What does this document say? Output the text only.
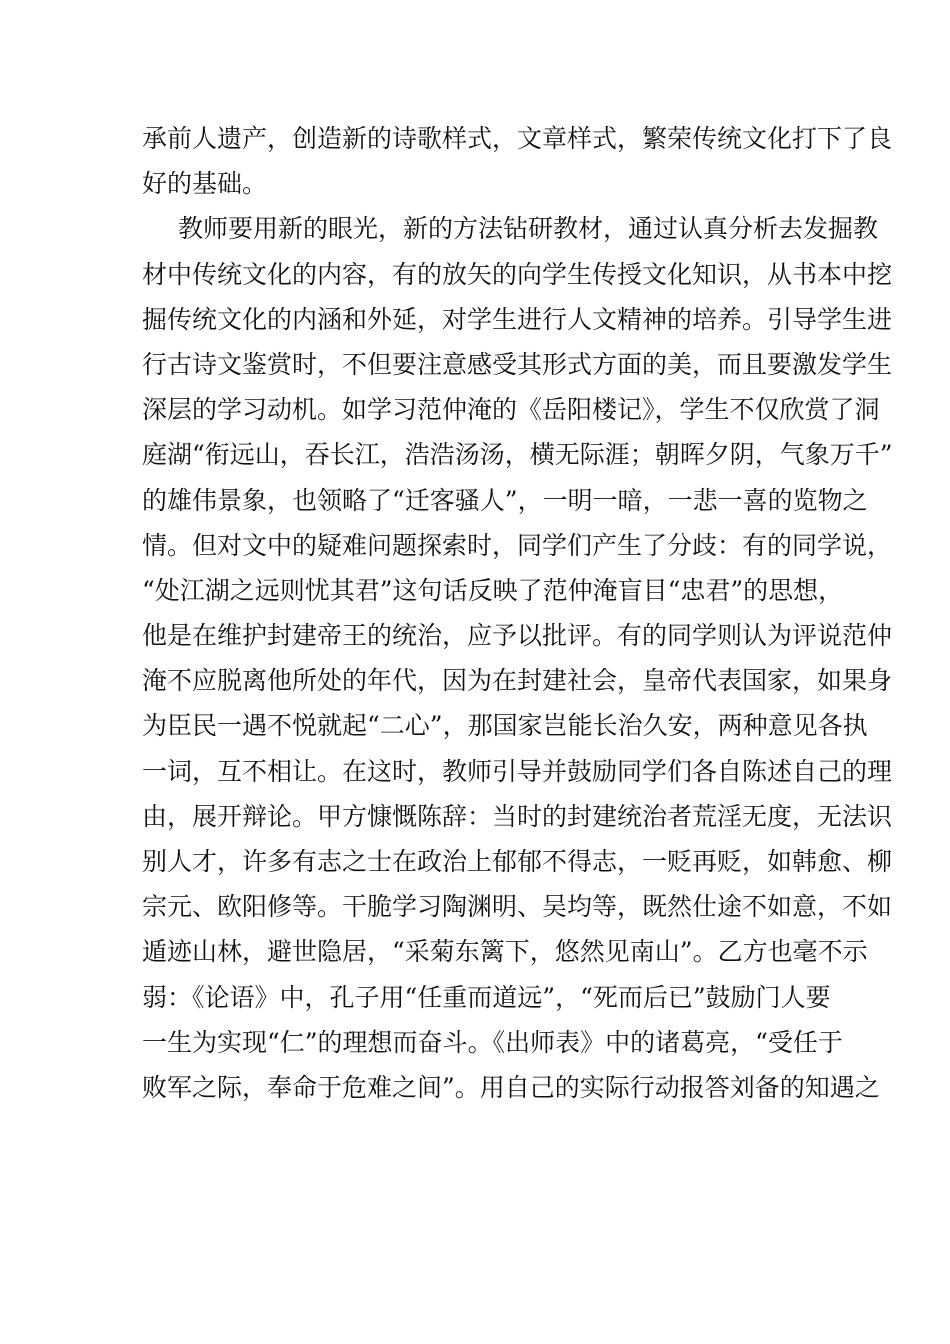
承前人遗产，创造新的诗歌样式，文章样式，繁荣传统文化打下了良
好的基础。
教师要用新的眼光，新的方法钻研教材，通过认真分析去发掘教
材中传统文化的内容，有的放矢的向学生传授文化知识，从书本中挖
掘传统文化的内涵和外延，对学生进行人文精神的培养。引导学生进
行古诗文鉴赏时，不但要注意感受其形式方面的美，而且要激发学生
深层的学习动机。如学习范仲淹的《岳阳楼记》，学生不仅欣赏了洞
庭湖“衔远山，吞长江，浩浩汤汤，横无际涯；朝晖夕阴，气象万千”
的雄伟景象，也领略了“迁客骚人”，一明一暗，一悲一喜的览物之
情。但对文中的疑难问题探索时，同学们产生了分歧：有的同学说，
“处江湖之远则忧其君”这句话反映了范仲淹盲目“忠君”的思想，
他是在维护封建帝王的统治，应予以批评。有的同学则认为评说范仲
淹不应脱离他所处的年代，因为在封建社会，皇帝代表国家，如果身
为臣民一遇不悦就起“二心”，那国家岂能长治久安，两种意见各执
一词，互不相让。在这时，教师引导并鼓励同学们各自陈述自己的理
由，展开辩论。甲方慷慨陈辞：当时的封建统治者荒淫无度，无法识
别人才，许多有志之士在政治上郁郁不得志，一贬再贬，如韩愈、柳
宗元、欧阳修等。干脆学习陶渊明、吴均等，既然仕途不如意，不如
遁迹山林，避世隐居，“采菊东篱下，悠然见南山”。乙方也毫不示
弱：《论语》中，孔子用“任重而道远”，“死而后已”鼓励门人要
一生为实现“仁”的理想而奋斗。《出师表》中的诸葛亮，“受任于
败军之际，奉命于危难之间”。用自己的实际行动报答刘备的知遇之
